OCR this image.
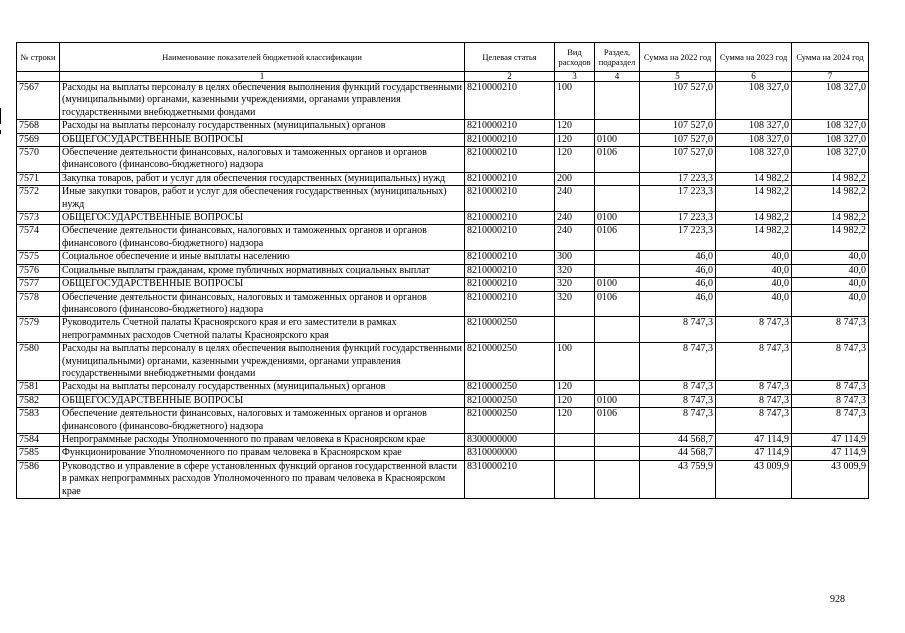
№ строки	Наименование показателей бюджетной классификации	Целевая статья	Вид расходов	Раздел, подраздел	Сумма на 2022 год	Сумма на 2023 год	Сумма на 2024 год
	1	2	3	4	5	6	7
7567	Расходы на выплаты персоналу в целях обеспечения выполнения функций государственными (муниципальными) органами, казенными учреждениями, органами управления государственными внебюджетными фондами	8210000210	100		107 527,0	108 327,0	108 327,0
7568	Расходы на выплаты персоналу государственных (муниципальных) органов	8210000210	120		107 527,0	108 327,0	108 327,0
7569	ОБЩЕГОСУДАРСТВЕННЫЕ ВОПРОСЫ	8210000210	120	0100	107 527,0	108 327,0	108 327,0
7570	Обеспечение деятельности финансовых, налоговых и таможенных органов и органов финансового (финансово-бюджетного) надзора	8210000210	120	0106	107 527,0	108 327,0	108 327,0
7571	Закупка товаров, работ и услуг для обеспечения государственных (муниципальных) нужд	8210000210	200		17 223,3	14 982,2	14 982,2
7572	Иные закупки товаров, работ и услуг для обеспечения государственных (муниципальных) нужд	8210000210	240		17 223,3	14 982,2	14 982,2
7573	ОБЩЕГОСУДАРСТВЕННЫЕ ВОПРОСЫ	8210000210	240	0100	17 223,3	14 982,2	14 982,2
7574	Обеспечение деятельности финансовых, налоговых и таможенных органов и органов финансового (финансово-бюджетного) надзора	8210000210	240	0106	17 223,3	14 982,2	14 982,2
7575	Социальное обеспечение и иные выплаты населению	8210000210	300		46,0	40,0	40,0
7576	Социальные выплаты гражданам, кроме публичных нормативных социальных выплат	8210000210	320		46,0	40,0	40,0
7577	ОБЩЕГОСУДАРСТВЕННЫЕ ВОПРОСЫ	8210000210	320	0100	46,0	40,0	40,0
7578	Обеспечение деятельности финансовых, налоговых и таможенных органов и органов финансового (финансово-бюджетного) надзора	8210000210	320	0106	46,0	40,0	40,0
7579	Руководитель Счетной палаты Красноярского края и его заместители в рамках непрограммных расходов Счетной палаты Красноярского края	8210000250			8 747,3	8 747,3	8 747,3
7580	Расходы на выплаты персоналу в целях обеспечения выполнения функций государственными (муниципальными) органами, казенными учреждениями, органами управления государственными внебюджетными фондами	8210000250	100		8 747,3	8 747,3	8 747,3
7581	Расходы на выплаты персоналу государственных (муниципальных) органов	8210000250	120		8 747,3	8 747,3	8 747,3
7582	ОБЩЕГОСУДАРСТВЕННЫЕ ВОПРОСЫ	8210000250	120	0100	8 747,3	8 747,3	8 747,3
7583	Обеспечение деятельности финансовых, налоговых и таможенных органов и органов финансового (финансово-бюджетного) надзора	8210000250	120	0106	8 747,3	8 747,3	8 747,3
7584	Непрограммные расходы Уполномоченного по правам человека в Красноярском крае	8300000000			44 568,7	47 114,9	47 114,9
7585	Функционирование Уполномоченного по правам человека в Красноярском крае	8310000000			44 568,7	47 114,9	47 114,9
7586	Руководство и управление в сфере установленных функций органов государственной власти в рамках непрограммных расходов Уполномоченного по правам человека в Красноярском крае	8310000210			43 759,9	43 009,9	43 009,9
928
